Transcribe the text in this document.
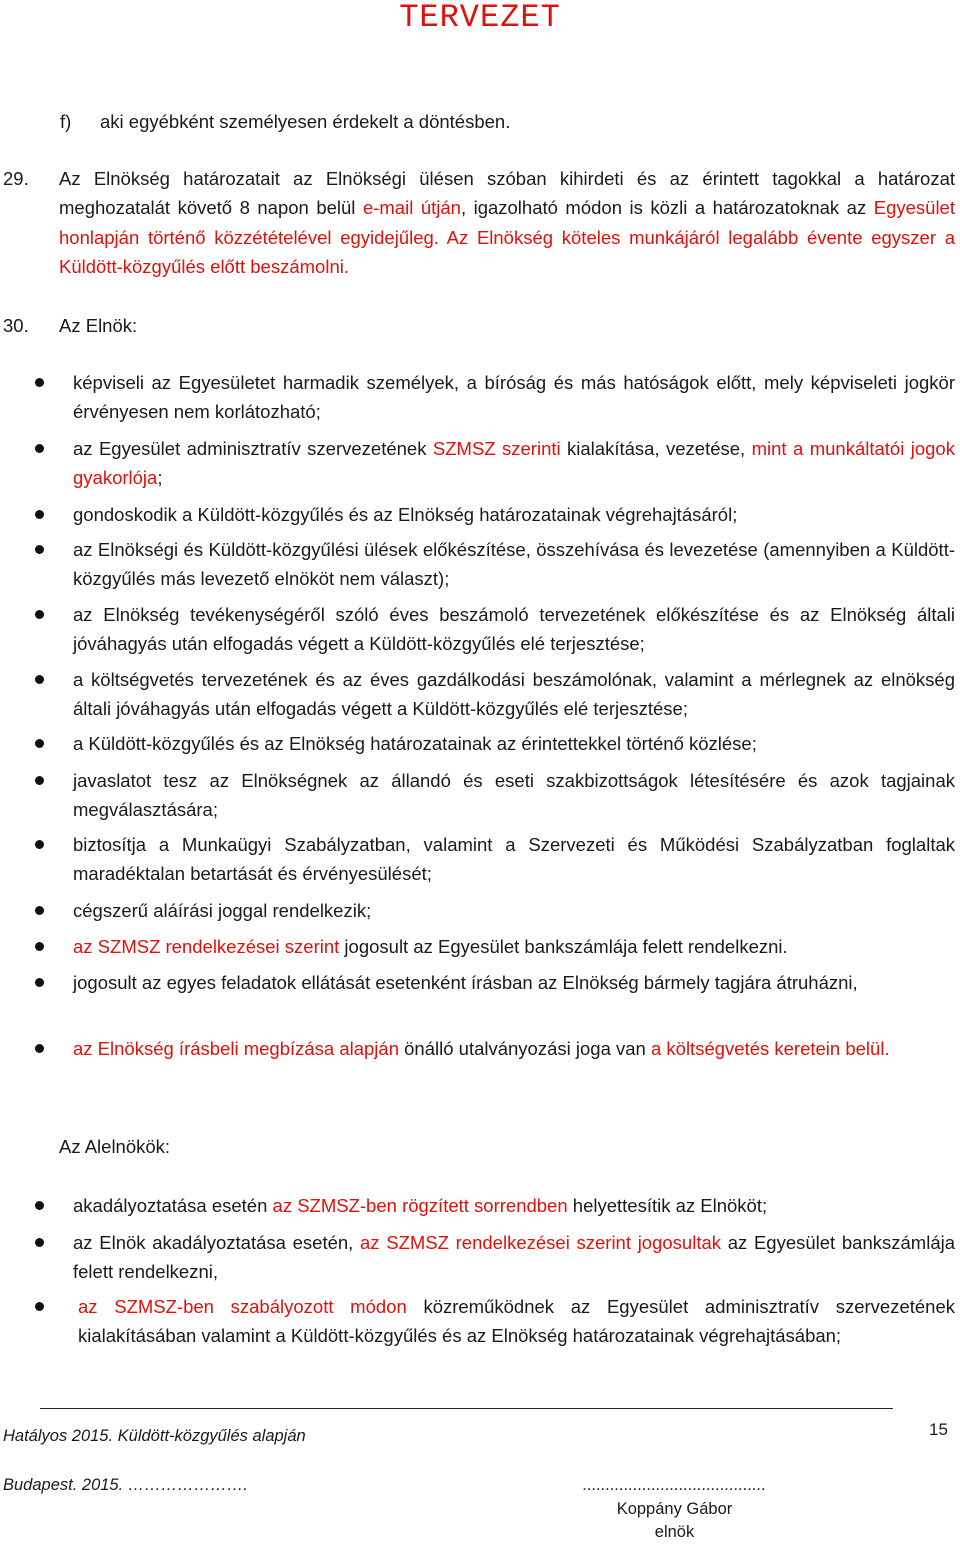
TERVEZET
f) aki egyébként személyesen érdekelt a döntésben.
29. Az Elnökség határozatait az Elnökségi ülésen szóban kihirdeti és az érintett tagokkal a határozat meghozatalát követő 8 napon belül e-mail útján, igazolható módon is közli a határozatoknak az Egyesület honlapján történő közzétételével egyidejűleg. Az Elnökség köteles munkájáról legalább évente egyszer a Küldött-közgyűlés előtt beszámolni.
30. Az Elnök:
képviseli az Egyesületet harmadik személyek, a bíróság és más hatóságok előtt, mely képviseleti jogkör érvényesen nem korlátozható;
az Egyesület adminisztratív szervezetének SZMSZ szerinti kialakítása, vezetése, mint a munkáltatói jogok gyakorlója;
gondoskodik a Küldött-közgyűlés és az Elnökség határozatainak végrehajtásáról;
az Elnökségi és Küldött-közgyűlési ülések előkészítése, összehívása és levezetése (amennyiben a Küldött-közgyűlés más levezető elnököt nem választ);
az Elnökség tevékenységéről szóló éves beszámoló tervezetének előkészítése és az Elnökség általi jóváhagyás után elfogadás végett a Küldött-közgyűlés elé terjesztése;
a költségvetés tervezetének és az éves gazdálkodási beszámolónak, valamint a mérlegnek az elnökség általi jóváhagyás után elfogadás végett a Küldött-közgyűlés elé terjesztése;
a Küldött-közgyűlés és az Elnökség határozatainak az érintettekkel történő közlése;
javaslatot tesz az Elnökségnek az állandó és eseti szakbizottságok létesítésére és azok tagjainak megválasztására;
biztosítja a Munkaügyi Szabályzatban, valamint a Szervezeti és Működési Szabályzatban foglaltak maradéktalan betartását és érvényesülését;
cégszerű aláírási joggal rendelkezik;
az SZMSZ rendelkezései szerint jogosult az Egyesület bankszámlája felett rendelkezni.
jogosult az egyes feladatok ellátását esetenként írásban az Elnökség bármely tagjára átruházni,
az Elnökség írásbeli megbízása alapján önálló utalványozási joga van a költségvetés keretein belül.
Az Alelnökök:
akadályoztatása esetén az SZMSZ-ben rögzített sorrendben helyettesítik az Elnököt;
az Elnök akadályoztatása esetén, az SZMSZ rendelkezései szerint jogosultak az Egyesület bankszámlája felett rendelkezni,
az SZMSZ-ben szabályozott módon közreműködnek az Egyesület adminisztratív szervezetének kialakításában valamint a Küldött-közgyűlés és az Elnökség határozatainak végrehajtásában;
Hatályos 2015. Küldött-közgyűlés alapján	15
Budapest. 2015. ………………….	........................................
Koppány Gábor
elnök
